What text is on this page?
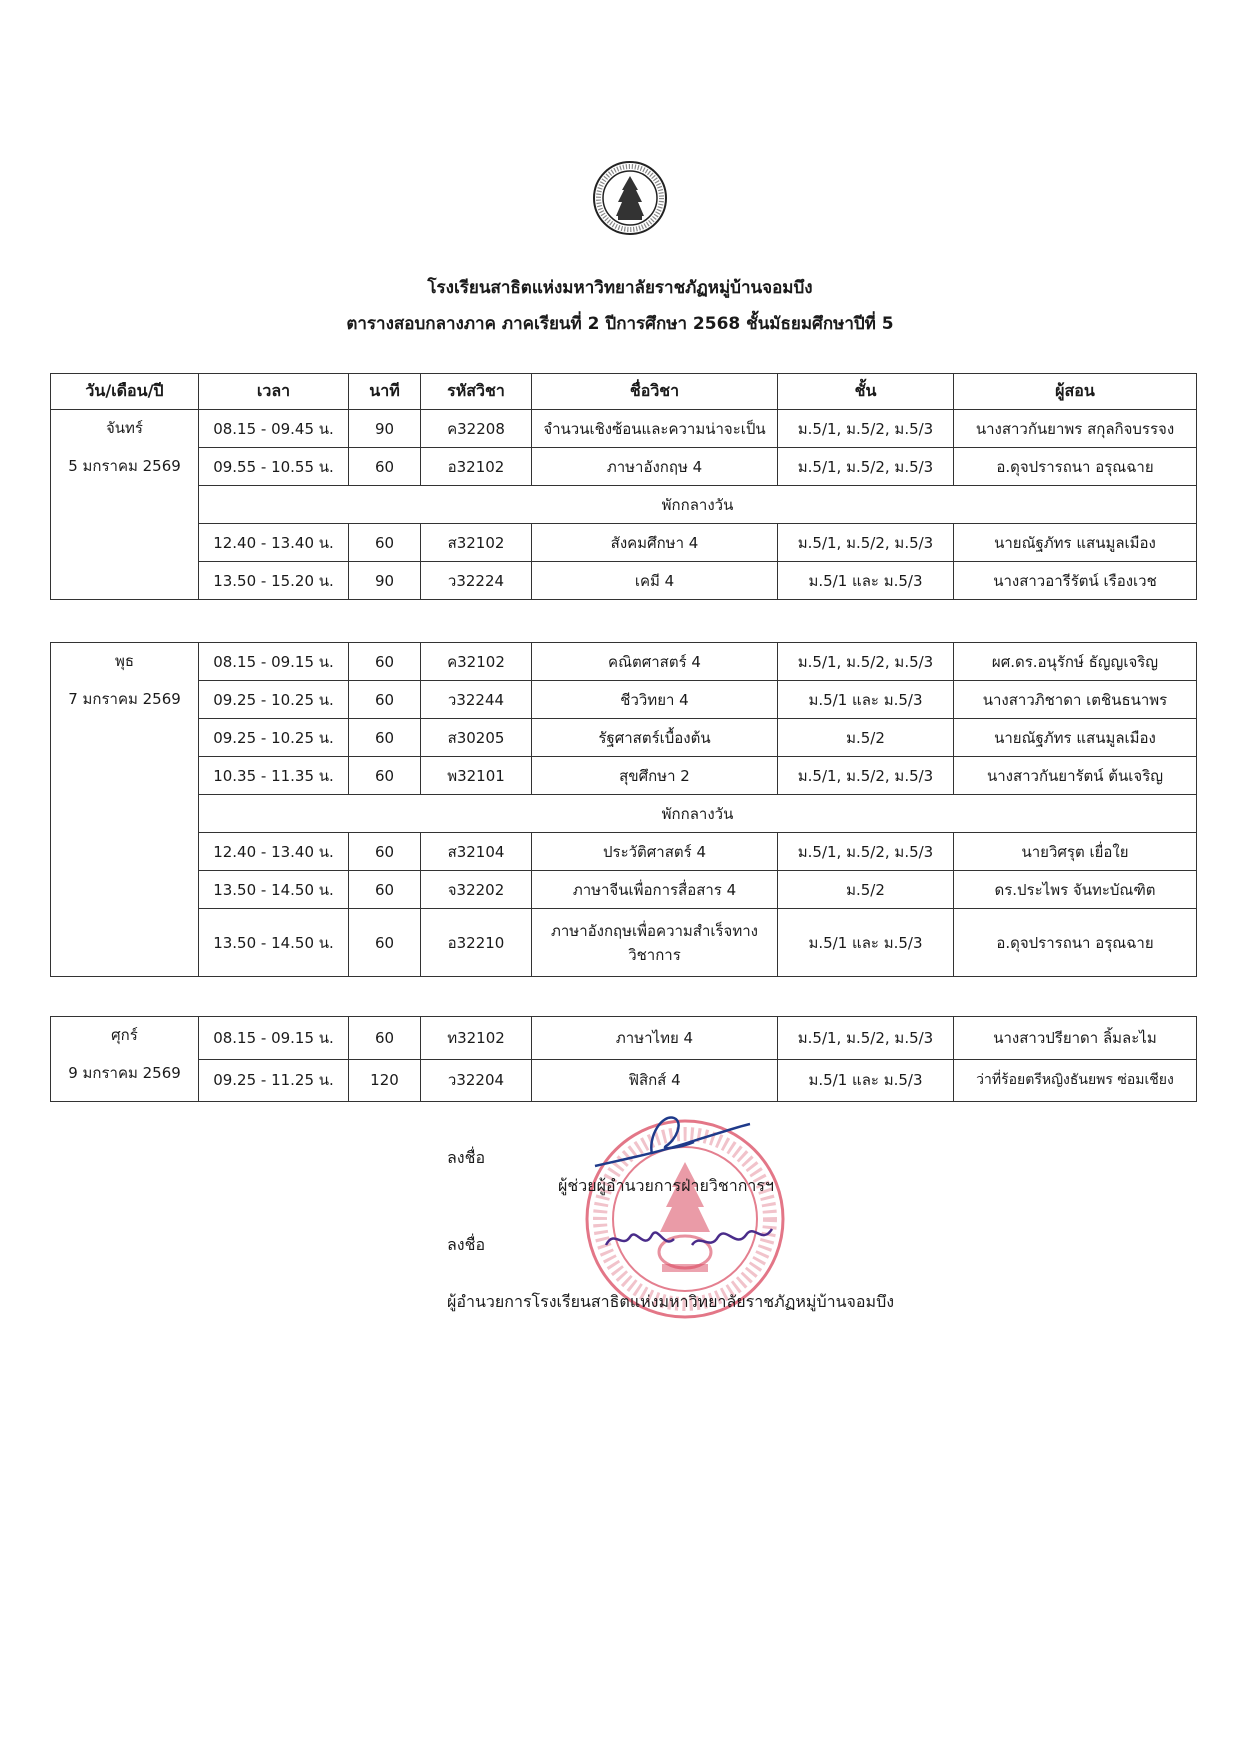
โรงเรียนสาธิตแห่งมหาวิทยาลัยราชภัฏหมู่บ้านจอมบึง
ตารางสอบกลางภาค ภาคเรียนที่ 2 ปีการศึกษา 2568 ชั้นมัธยมศึกษาปีที่ 5
วัน/เดือน/ปี	เวลา	นาที	รหัสวิชา	ชื่อวิชา	ชั้น	ผู้สอน

จันทร์
5 มกราคม 2569	08.15 - 09.45 น.	90	ค32208	จำนวนเชิงซ้อนและความน่าจะเป็น	ม.5/1, ม.5/2, ม.5/3	นางสาวกันยาพร สกุลกิจบรรจง
	09.55 - 10.55 น.	60	อ32102	ภาษาอังกฤษ 4	ม.5/1, ม.5/2, ม.5/3	อ.ดุจปรารถนา อรุณฉาย
	พักกลางวัน					
	12.40 - 13.40 น.	60	ส32102	สังคมศึกษา 4	ม.5/1, ม.5/2, ม.5/3	นายณัฐภัทร แสนมูลเมือง
	13.50 - 15.20 น.	90	ว32224	เคมี 4	ม.5/1 และ ม.5/3	นางสาวอารีรัตน์ เรืองเวช
พุธ
7 มกราคม 2569	08.15 - 09.15 น.	60	ค32102	คณิตศาสตร์ 4	ม.5/1, ม.5/2, ม.5/3	ผศ.ดร.อนุรักษ์ ธัญญเจริญ
	09.25 - 10.25 น.	60	ว32244	ชีววิทยา 4	ม.5/1 และ ม.5/3	นางสาวภิชาดา เตชินธนาพร
	09.25 - 10.25 น.	60	ส30205	รัฐศาสตร์เบื้องต้น	ม.5/2	นายณัฐภัทร แสนมูลเมือง
	10.35 - 11.35 น.	60	พ32101	สุขศึกษา 2	ม.5/1, ม.5/2, ม.5/3	นางสาวกันยารัตน์ ต้นเจริญ
	พักกลางวัน					
	12.40 - 13.40 น.	60	ส32104	ประวัติศาสตร์ 4	ม.5/1, ม.5/2, ม.5/3	นายวิศรุต เยื่อใย
	13.50 - 14.50 น.	60	จ32202	ภาษาจีนเพื่อการสื่อสาร 4	ม.5/2	ดร.ประไพร จันทะบัณฑิต
	13.50 - 14.50 น.	60	อ32210	ภาษาอังกฤษเพื่อความสำเร็จทางวิชาการ	ม.5/1 และ ม.5/3	อ.ดุจปรารถนา อรุณฉาย
ศุกร์
9 มกราคม 2569	08.15 - 09.15 น.	60	ท32102	ภาษาไทย 4	ม.5/1, ม.5/2, ม.5/3	นางสาวปรียาดา ลิ้มละไม
	09.25 - 11.25 น.	120	ว32204	ฟิสิกส์ 4	ม.5/1 และ ม.5/3	ว่าที่ร้อยตรีหญิงธันยพร ซ่อมเชียง
ลงชื่อ
ผู้ช่วยผู้อำนวยการฝ่ายวิชาการฯ
ลงชื่อ
ผู้อำนวยการโรงเรียนสาธิตแห่งมหาวิทยาลัยราชภัฏหมู่บ้านจอมบึง
